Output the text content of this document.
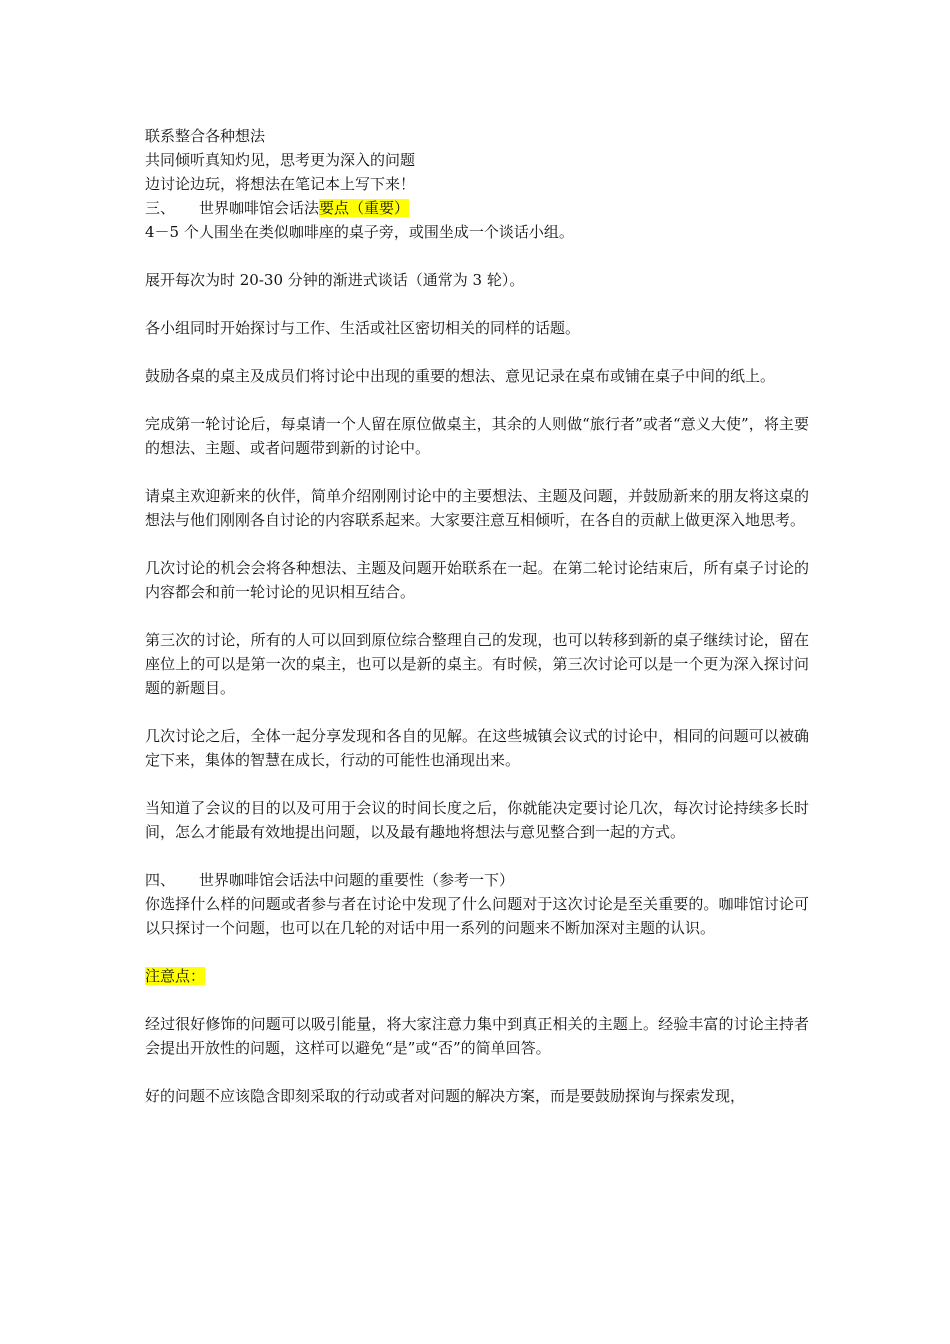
联系整合各种想法
共同倾听真知灼见，思考更为深入的问题
边讨论边玩，将想法在笔记本上写下来！
三、 世界咖啡馆会话法要点（重要）
4－5 个人围坐在类似咖啡座的桌子旁，或围坐成一个谈话小组。

展开每次为时 20-30 分钟的渐进式谈话（通常为 3 轮）。

各小组同时开始探讨与工作、生活或社区密切相关的同样的话题。

鼓励各桌的桌主及成员们将讨论中出现的重要的想法、意见记录在桌布或铺在桌子中间的纸上。

完成第一轮讨论后，每桌请一个人留在原位做桌主，其余的人则做“旅行者”或者“意义大使”，将主要的想法、主题、或者问题带到新的讨论中。

请桌主欢迎新来的伙伴，简单介绍刚刚讨论中的主要想法、主题及问题，并鼓励新来的朋友将这桌的想法与他们刚刚各自讨论的内容联系起来。大家要注意互相倾听，在各自的贡献上做更深入地思考。

几次讨论的机会会将各种想法、主题及问题开始联系在一起。在第二轮讨论结束后，所有桌子讨论的内容都会和前一轮讨论的见识相互结合。

第三次的讨论，所有的人可以回到原位综合整理自己的发现，也可以转移到新的桌子继续讨论，留在座位上的可以是第一次的桌主，也可以是新的桌主。有时候，第三次讨论可以是一个更为深入探讨问题的新题目。

几次讨论之后，全体一起分享发现和各自的见解。在这些城镇会议式的讨论中，相同的问题可以被确定下来，集体的智慧在成长，行动的可能性也涌现出来。

当知道了会议的目的以及可用于会议的时间长度之后，你就能决定要讨论几次，每次讨论持续多长时间，怎么才能最有效地提出问题，以及最有趣地将想法与意见整合到一起的方式。

四、 世界咖啡馆会话法中问题的重要性（参考一下）

你选择什么样的问题或者参与者在讨论中发现了什么问题对于这次讨论是至关重要的。咖啡馆讨论可以只探讨一个问题，也可以在几轮的对话中用一系列的问题来不断加深对主题的认识。

注意点：

经过很好修饰的问题可以吸引能量，将大家注意力集中到真正相关的主题上。经验丰富的讨论主持者会提出开放性的问题，这样可以避免“是”或“否”的简单回答。

好的问题不应该隐含即刻采取的行动或者对问题的解决方案，而是要鼓励探询与探索发现，
